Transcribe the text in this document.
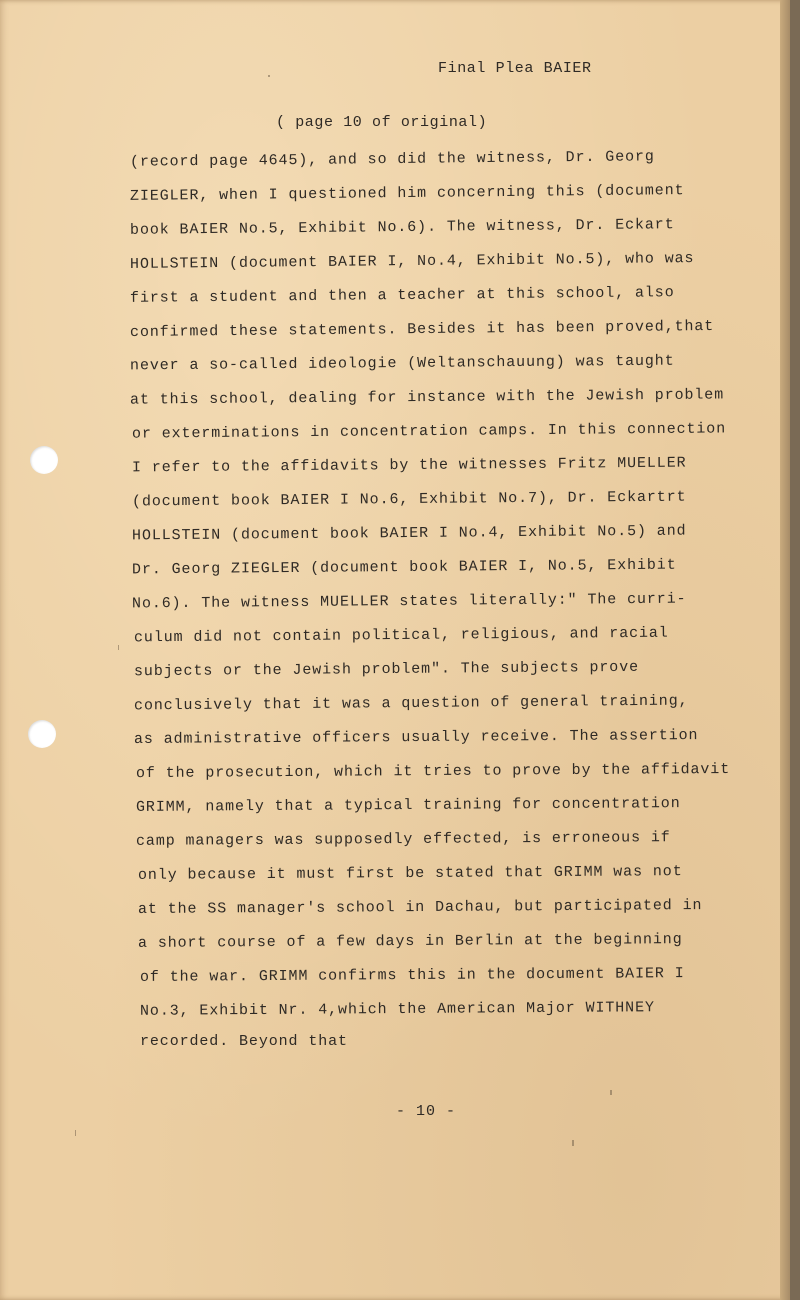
Final Plea BAIER
( page 10 of original)
(record page 4645), and so did the witness, Dr. Georg
ZIEGLER, when I questioned him concerning this (document
book BAIER No.5, Exhibit No.6). The witness, Dr. Eckart
HOLLSTEIN (document BAIER I, No.4, Exhibit No.5), who was
first a student and then a teacher at this school, also
confirmed these statements. Besides it has been proved,that
never a so-called ideologie (Weltanschauung) was taught
at this school, dealing for instance with the Jewish problem
or exterminations in concentration camps. In this connection
I refer to the affidavits by the witnesses Fritz MUELLER
(document book BAIER I No.6, Exhibit No.7), Dr. Eckartrt
HOLLSTEIN (document book BAIER I No.4, Exhibit No.5) and
Dr. Georg ZIEGLER (document book BAIER I, No.5, Exhibit
No.6). The witness MUELLER states literally:" The curri-
culum did not contain political, religious, and racial
subjects or the Jewish problem". The subjects prove
conclusively that it was a question of general training,
as administrative officers usually receive. The assertion
of the prosecution, which it tries to prove by the affidavit
GRIMM, namely that a typical training for concentration
camp managers was supposedly effected, is erroneous if
only because it must first be stated that GRIMM was not
at the SS manager's school in Dachau, but participated in
a short course of a few days in Berlin at the beginning
of the war. GRIMM confirms this in the document BAIER I
No.3, Exhibit Nr. 4,which the American Major WITHNEY
recorded. Beyond that
- 10 -
